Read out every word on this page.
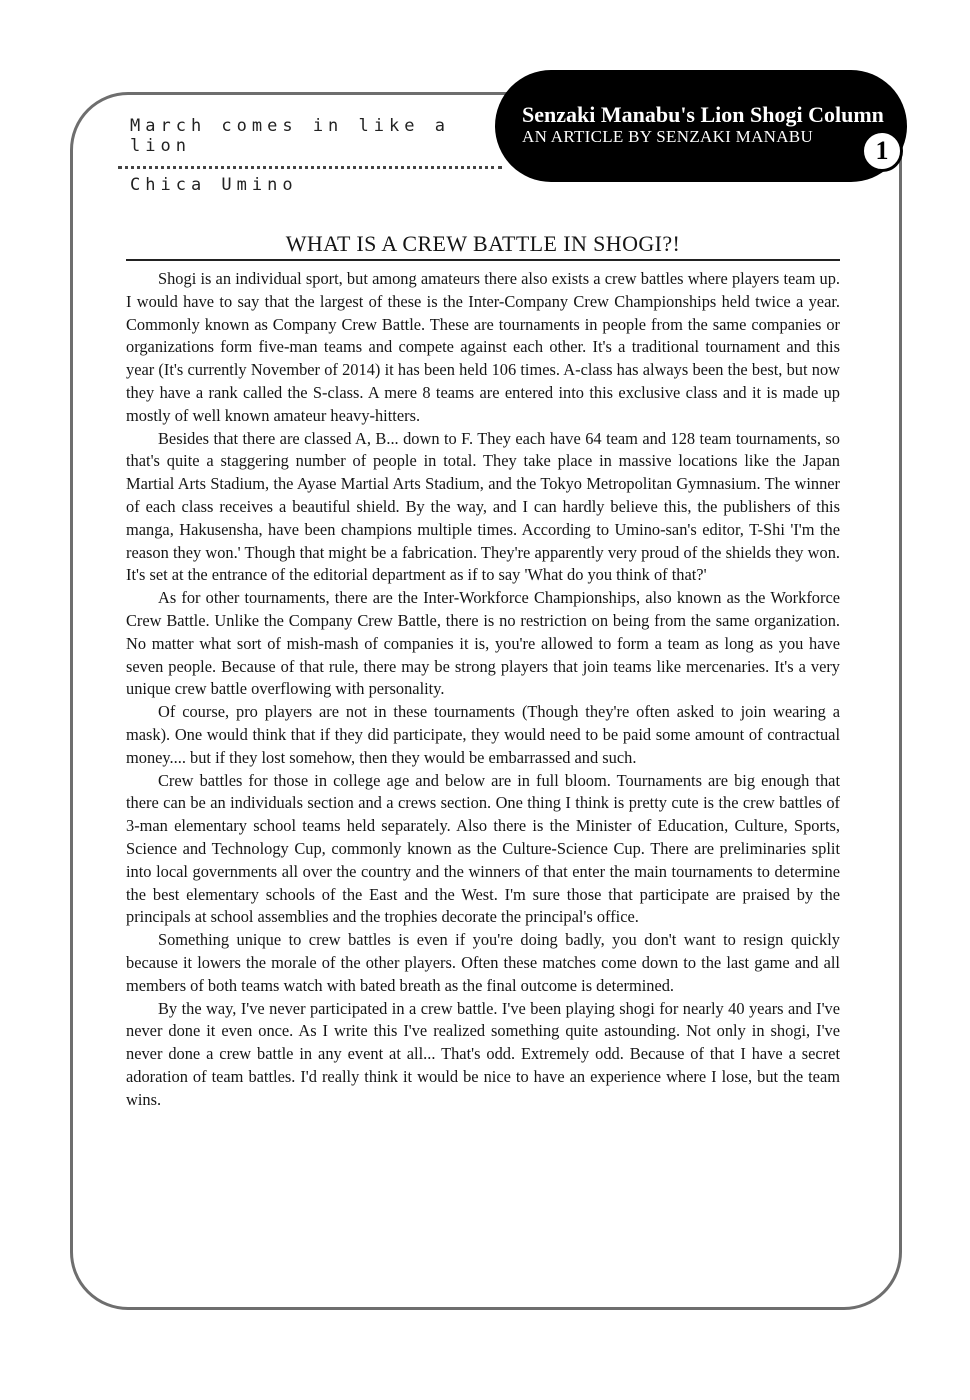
March comes in like a lion
Chica Umino
Senzaki Manabu's Lion Shogi Column
AN ARTICLE BY SENZAKI MANABU	1
WHAT IS A CREW BATTLE IN SHOGI?!

Shogi is an individual sport, but among amateurs there also exists a crew battles where players team up. I would have to say that the largest of these is the Inter-Company Crew Championships held twice a year. Commonly known as Company Crew Battle. These are tournaments in people from the same companies or organizations form five-man teams and compete against each other. It's a traditional tournament and this year (It's currently November of 2014) it has been held 106 times. A-class has always been the best, but now they have a rank called the S-class. A mere 8 teams are entered into this exclusive class and it is made up mostly of well known amateur heavy-hitters.

Besides that there are classed A, B... down to F. They each have 64 team and 128 team tournaments, so that's quite a staggering number of people in total. They take place in massive locations like the Japan Martial Arts Stadium, the Ayase Martial Arts Stadium, and the Tokyo Metropolitan Gymnasium. The winner of each class receives a beautiful shield. By the way, and I can hardly believe this, the publishers of this manga, Hakusensha, have been champions multiple times. According to Umino-san's editor, T-Shi 'I'm the reason they won.' Though that might be a fabrication. They're apparently very proud of the shields they won. It's set at the entrance of the editorial department as if to say 'What do you think of that?'

As for other tournaments, there are the Inter-Workforce Championships, also known as the Workforce Crew Battle. Unlike the Company Crew Battle, there is no restriction on being from the same organization. No matter what sort of mish-mash of companies it is, you're allowed to form a team as long as you have seven people. Because of that rule, there may be strong players that join teams like mercenaries. It's a very unique crew battle overflowing with personality.

Of course, pro players are not in these tournaments (Though they're often asked to join wearing a mask). One would think that if they did participate, they would need to be paid some amount of contractual money.... but if they lost somehow, then they would be embarrassed and such.

Crew battles for those in college age and below are in full bloom. Tournaments are big enough that there can be an individuals section and a crews section. One thing I think is pretty cute is the crew battles of 3-man elementary school teams held separately. Also there is the Minister of Education, Culture, Sports, Science and Technology Cup, commonly known as the Culture-Science Cup. There are preliminaries split into local governments all over the country and the winners of that enter the main tournaments to determine the best elementary schools of the East and the West. I'm sure those that participate are praised by the principals at school assemblies and the trophies decorate the principal's office.

Something unique to crew battles is even if you're doing badly, you don't want to resign quickly because it lowers the morale of the other players. Often these matches come down to the last game and all members of both teams watch with bated breath as the final outcome is determined.

By the way, I've never participated in a crew battle. I've been playing shogi for nearly 40 years and I've never done it even once. As I write this I've realized something quite astounding. Not only in shogi, I've never done a crew battle in any event at all... That's odd. Extremely odd. Because of that I have a secret adoration of team battles. I'd really think it would be nice to have an experience where I lose, but the team wins.
